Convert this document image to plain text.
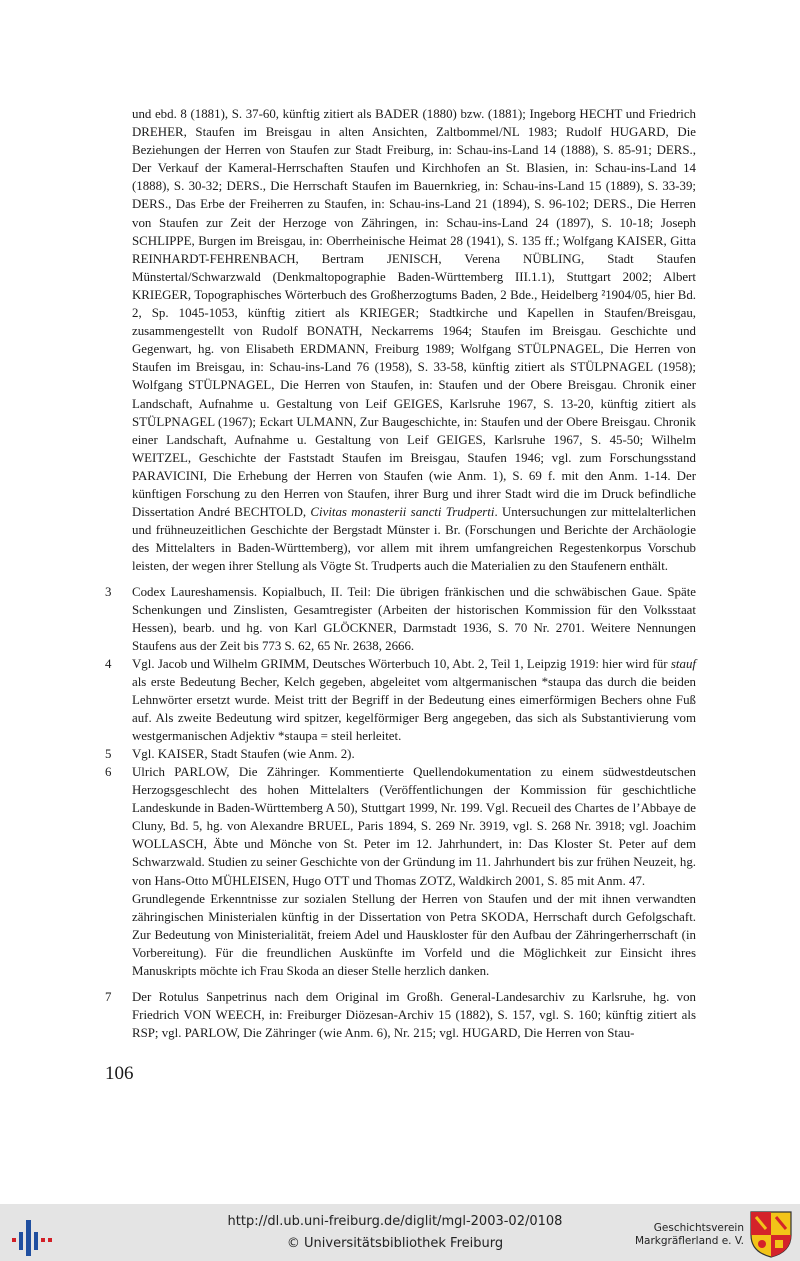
und ebd. 8 (1881), S. 37-60, künftig zitiert als BADER (1880) bzw. (1881); Ingeborg HECHT und Friedrich DREHER, Staufen im Breisgau in alten Ansichten, Zaltbommel/NL 1983; Rudolf HUGARD, Die Beziehungen der Herren von Staufen zur Stadt Freiburg, in: Schau-ins-Land 14 (1888), S. 85-91; DERS., Der Verkauf der Kameral-Herrschaften Staufen und Kirchhofen an St. Blasien, in: Schau-ins-Land 14 (1888), S. 30-32; DERS., Die Herrschaft Staufen im Bauernkrieg, in: Schau-ins-Land 15 (1889), S. 33-39; DERS., Das Erbe der Freiherren zu Staufen, in: Schau-ins-Land 21 (1894), S. 96-102; DERS., Die Herren von Staufen zur Zeit der Herzoge von Zähringen, in: Schau-ins-Land 24 (1897), S. 10-18; Joseph SCHLIPPE, Burgen im Breisgau, in: Oberrheinische Heimat 28 (1941), S. 135 ff.; Wolfgang KAISER, Gitta REINHARDT-FEHRENBACH, Bertram JENISCH, Verena NÜBLING, Stadt Staufen Münstertal/Schwarzwald (Denkmaltopographie Baden-Württemberg III.1.1), Stuttgart 2002; Albert KRIEGER, Topographisches Wörterbuch des Großherzogtums Baden, 2 Bde., Heidelberg ²1904/05, hier Bd. 2, Sp. 1045-1053, künftig zitiert als KRIEGER; Stadtkirche und Kapellen in Staufen/Breisgau, zusammengestellt von Rudolf BONATH, Neckarrems 1964; Staufen im Breisgau. Geschichte und Gegenwart, hg. von Elisabeth ERDMANN, Freiburg 1989; Wolfgang STÜLPNAGEL, Die Herren von Staufen im Breisgau, in: Schau-ins-Land 76 (1958), S. 33-58, künftig zitiert als STÜLPNAGEL (1958); Wolfgang STÜLPNAGEL, Die Herren von Staufen, in: Staufen und der Obere Breisgau. Chronik einer Landschaft, Aufnahme u. Gestaltung von Leif GEIGES, Karlsruhe 1967, S. 13-20, künftig zitiert als STÜLPNAGEL (1967); Eckart ULMANN, Zur Baugeschichte, in: Staufen und der Obere Breisgau. Chronik einer Landschaft, Aufnahme u. Gestaltung von Leif GEIGES, Karlsruhe 1967, S. 45-50; Wilhelm WEITZEL, Geschichte der Faststadt Staufen im Breisgau, Staufen 1946; vgl. zum Forschungsstand PARAVICINI, Die Erhebung der Herren von Staufen (wie Anm. 1), S. 69 f. mit den Anm. 1-14. Der künftigen Forschung zu den Herren von Staufen, ihrer Burg und ihrer Stadt wird die im Druck befindliche Dissertation André BECHTOLD, Civitas monasterii sancti Trudperti. Untersuchungen zur mittelalterlichen und frühneuzeitlichen Geschichte der Bergstadt Münster i. Br. (Forschungen und Berichte der Archäologie des Mittelalters in Baden-Württemberg), vor allem mit ihrem umfangreichen Regestenkorpus Vorschub leisten, der wegen ihrer Stellung als Vögte St. Trudperts auch die Materialien zu den Staufenern enthält.

3	Codex Laureshamensis. Kopialbuch, II. Teil: Die übrigen fränkischen und die schwäbischen Gaue. Späte Schenkungen und Zinslisten, Gesamtregister (Arbeiten der historischen Kommission für den Volksstaat Hessen), bearb. und hg. von Karl GLÖCKNER, Darmstadt 1936, S. 70 Nr. 2701. Weitere Nennungen Staufens aus der Zeit bis 773 S. 62, 65 Nr. 2638, 2666.
4	Vgl. Jacob und Wilhelm GRIMM, Deutsches Wörterbuch 10, Abt. 2, Teil 1, Leipzig 1919: hier wird für stauf als erste Bedeutung Becher, Kelch gegeben, abgeleitet vom altgermanischen *staupa das durch die beiden Lehnwörter ersetzt wurde. Meist tritt der Begriff in der Bedeutung eines eimerförmigen Bechers ohne Fuß auf. Als zweite Bedeutung wird spitzer, kegelförmiger Berg angegeben, das sich als Substantivierung vom westgermanischen Adjektiv *staupa = steil herleitet.
5	Vgl. KAISER, Stadt Staufen (wie Anm. 2).
6	Ulrich PARLOW, Die Zähringer. Kommentierte Quellendokumentation zu einem südwestdeutschen Herzogsgeschlecht des hohen Mittelalters (Veröffentlichungen der Kommission für geschichtliche Landeskunde in Baden-Württemberg A 50), Stuttgart 1999, Nr. 199. Vgl. Recueil des Chartes de l’Abbaye de Cluny, Bd. 5, hg. von Alexandre BRUEL, Paris 1894, S. 269 Nr. 3919, vgl. S. 268 Nr. 3918; vgl. Joachim WOLLASCH, Äbte und Mönche von St. Peter im 12. Jahrhundert, in: Das Kloster St. Peter auf dem Schwarzwald. Studien zu seiner Geschichte von der Gründung im 11. Jahrhundert bis zur frühen Neuzeit, hg. von Hans-Otto MÜHLEISEN, Hugo OTT und Thomas ZOTZ, Waldkirch 2001, S. 85 mit Anm. 47.

Grundlegende Erkenntnisse zur sozialen Stellung der Herren von Staufen und der mit ihnen verwandten zähringischen Ministerialen künftig in der Dissertation von Petra SKODA, Herrschaft durch Gefolgschaft. Zur Bedeutung von Ministerialität, freiem Adel und Hauskloster für den Aufbau der Zähringerherrschaft (in Vorbereitung). Für die freundlichen Auskünfte im Vorfeld und die Möglichkeit zur Einsicht ihres Manuskripts möchte ich Frau Skoda an dieser Stelle herzlich danken.

7	Der Rotulus Sanpetrinus nach dem Original im Großh. General-Landesarchiv zu Karlsruhe, hg. von Friedrich VON WEECH, in: Freiburger Diözesan-Archiv 15 (1882), S. 157, vgl. S. 160; künftig zitiert als RSP; vgl. PARLOW, Die Zähringer (wie Anm. 6), Nr. 215; vgl. HUGARD, Die Herren von Stau-
106
http://dl.ub.uni-freiburg.de/diglit/mgl-2003-02/0108
© Universitätsbibliothek Freiburg
Geschichtsverein
Markgräflerland e. V.
